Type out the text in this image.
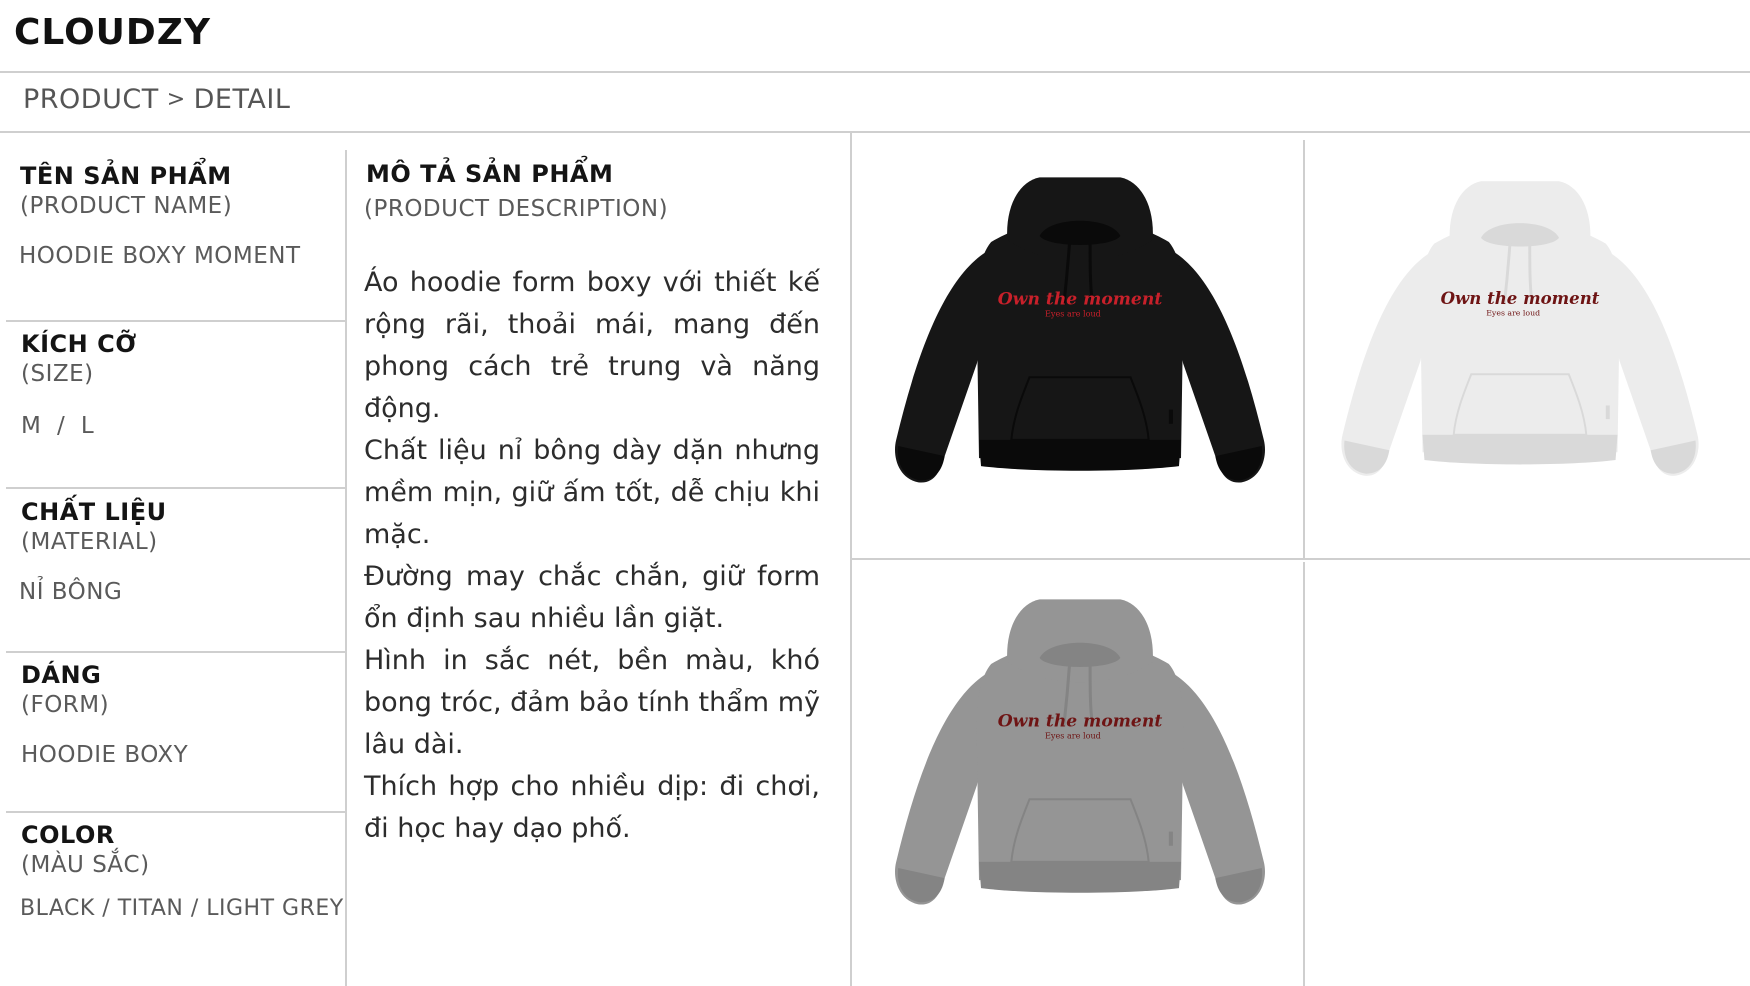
CLOUDZY
PRODUCT > DETAIL
TÊN SẢN PHẨM
(PRODUCT NAME)
HOODIE BOXY MOMENT
KÍCH CỠ
(SIZE)
M  /  L
CHẤT LIỆU
(MATERIAL)
NỈ BÔNG
DÁNG
(FORM)
HOODIE BOXY
COLOR
(MÀU SẮC)
BLACK / TITAN / LIGHT GREY
MÔ TẢ SẢN PHẨM
(PRODUCT DESCRIPTION)

Áo hoodie form boxy với thiết kế rộng rãi, thoải mái, mang đến phong cách trẻ trung và năng động.

Chất liệu nỉ bông dày dặn nhưng mềm mịn, giữ ấm tốt, dễ chịu khi mặc.

Đường may chắc chắn, giữ form ổn định sau nhiều lần giặt.

Hình in sắc nét, bền màu, khó bong tróc, đảm bảo tính thẩm mỹ lâu dài.

Thích hợp cho nhiều dịp: đi chơi, đi học hay dạo phố.

Own the moment
Eyes are loud
Own the moment
Eyes are loud
Own the moment
Eyes are loud
